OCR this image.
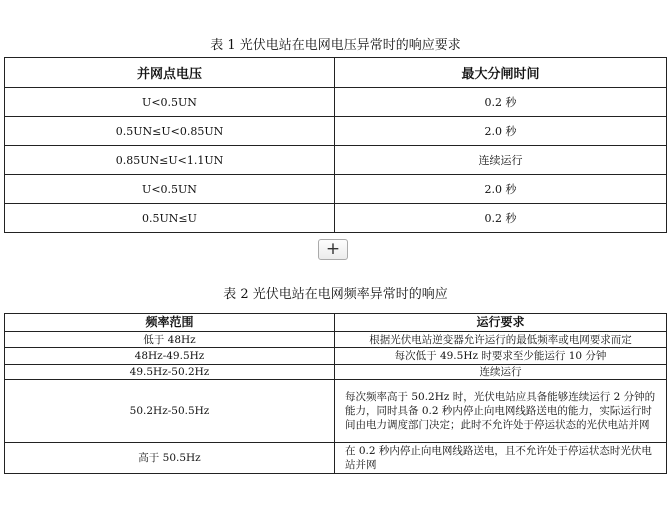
表 1 光伏电站在电网电压异常时的响应要求
并网点电压	最大分闸时间
U<0.5UN	0.2 秒
0.5UN≤U<0.85UN	2.0 秒
0.85UN≤U<1.1UN	连续运行
U<0.5UN	2.0 秒
0.5UN≤U	0.2 秒
+
表 2 光伏电站在电网频率异常时的响应
频率范围	运行要求
低于 48Hz	根据光伏电站逆变器允许运行的最低频率或电网要求而定
48Hz-49.5Hz	每次低于 49.5Hz 时要求至少能运行 10 分钟
49.5Hz-50.2Hz	连续运行
50.2Hz-50.5Hz	每次频率高于 50.2Hz 时，光伏电站应具备能够连续运行 2 分钟的能力，同时具备 0.2 秒内停止向电网线路送电的能力，实际运行时间由电力调度部门决定；此时不允许处于停运状态的光伏电站并网
高于 50.5Hz	在 0.2 秒内停止向电网线路送电，且不允许处于停运状态时光伏电站并网
